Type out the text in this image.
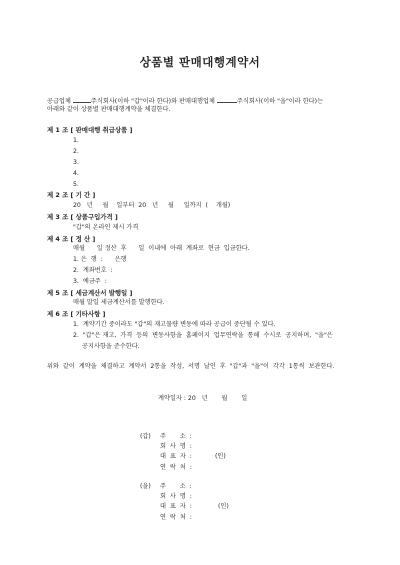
상품별 판매대행계약서
공급업체	주식회사(이하 "갑"이라 한다)와 판매대행업체	주식회사(이하 "을"이라 한다)는
아래와 같이 상품별 판매대행계약을 체결한다.
제 1 조 [ 판매대행 취급상품 ]
1.
2.
3.
4.
5.
제 2 조 [ 기 간 ]
20   년     월    일부터  20   년     월     일까지  (    개월)
제 3 조 [ 상품구입가격 ]
"갑"의 온라인 제시 가격
제 4 조 [ 정 산 ]
매월      일 정산  후      일  이내에  아래  계좌로  현금  입금한다.
1. 은  행  :      은행
2.  계좌번호  :
3.  예금주  :
제 5 조 [ 세금계산서 발행일 ]
매월 말일 세금계산서를 발행한다.
제 6 조 [ 기타사항 ]
1.  계약기간 중이라도 "갑"의 재고물량 변동에 따라 공급이 중단될 수 있다.
2.  "갑"은 재고,  가격  등의  변동사항을  홈페이지  업무연락을  통해  수시로  공지하며,  "을"은
공지사항을 준수한다.
위와  같이  계약을  체결하고  계약서  2통을  작성,  서명  날인  후  "갑"과  "을"이  각각  1통씩  보관한다.
계약일자 : 20   년       월       일
(갑) 주       소  :
회  사  명  :
대  표  자  :	(인)
연  락  처  :
(을) 주       소  :
회  사  명  :
대  표  자  :	(인)
연  락  처  :
